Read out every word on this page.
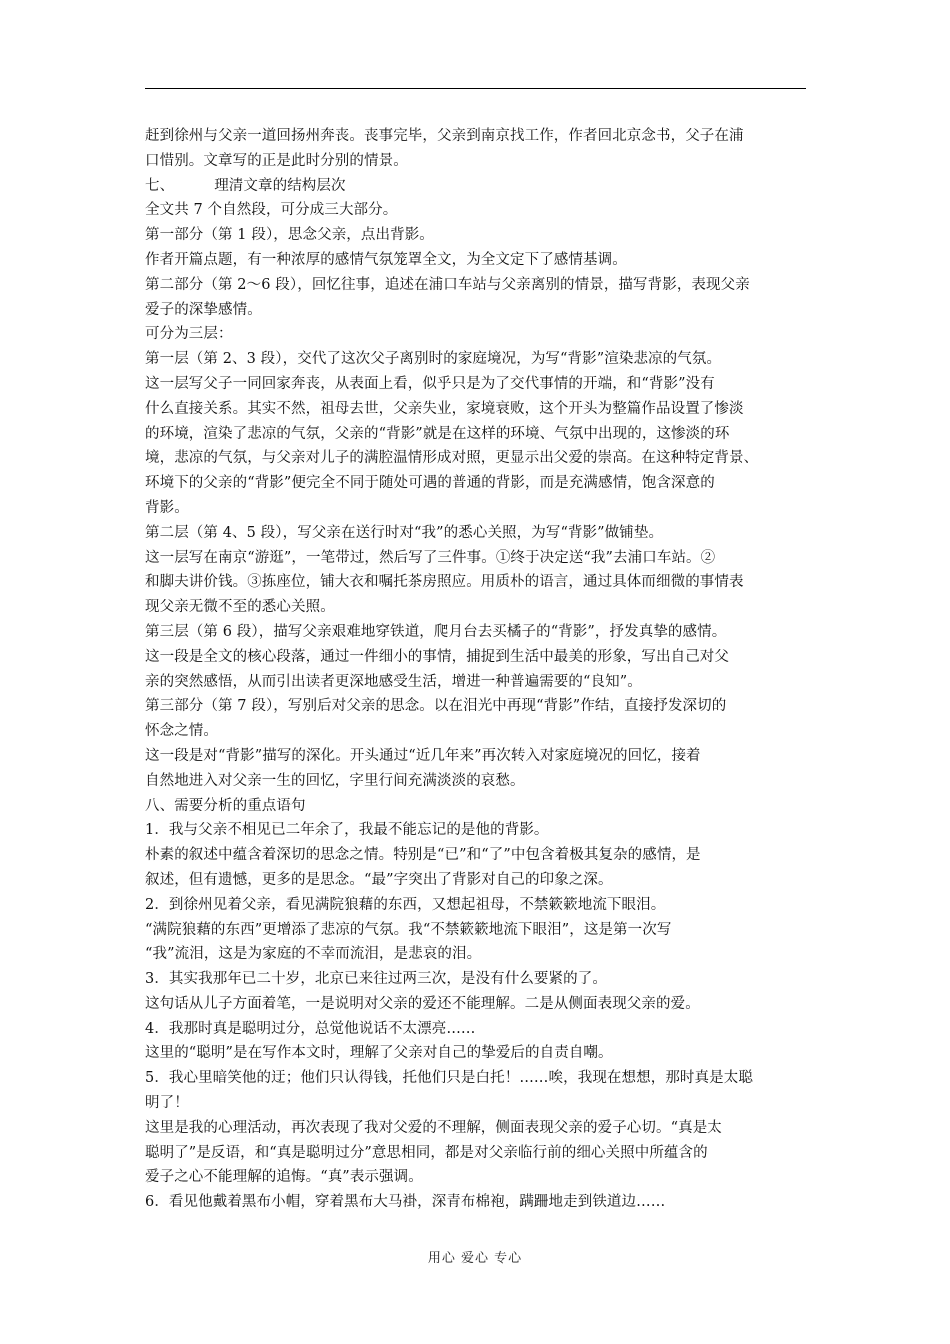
赶到徐州与父亲一道回扬州奔丧。丧事完毕，父亲到南京找工作，作者回北京念书，父子在浦
口惜别。文章写的正是此时分别的情景。
七、	理清文章的结构层次
全文共 7 个自然段，可分成三大部分。
第一部分（第 1 段），思念父亲，点出背影。
作者开篇点题，有一种浓厚的感情气氛笼罩全文，为全文定下了感情基调。
第二部分（第 2～6 段），回忆往事，追述在浦口车站与父亲离别的情景，描写背影，表现父亲
爱子的深挚感情。
可分为三层：
第一层（第 2、3 段），交代了这次父子离别时的家庭境况，为写“背影”渲染悲凉的气氛。
这一层写父子一同回家奔丧，从表面上看，似乎只是为了交代事情的开端，和“背影”没有
什么直接关系。其实不然，祖母去世，父亲失业，家境衰败，这个开头为整篇作品设置了惨淡
的环境，渲染了悲凉的气氛，父亲的“背影”就是在这样的环境、气氛中出现的，这惨淡的环
境，悲凉的气氛，与父亲对儿子的满腔温情形成对照，更显示出父爱的崇高。在这种特定背景、
环境下的父亲的“背影”便完全不同于随处可遇的普通的背影，而是充满感情，饱含深意的
背影。
第二层（第 4、5 段），写父亲在送行时对“我”的悉心关照，为写“背影”做铺垫。
这一层写在南京“游逛”，一笔带过，然后写了三件事。①终于决定送“我”去浦口车站。②
和脚夫讲价钱。③拣座位，铺大衣和嘱托茶房照应。用质朴的语言，通过具体而细微的事情表
现父亲无微不至的悉心关照。
第三层（第 6 段），描写父亲艰难地穿铁道，爬月台去买橘子的“背影”，抒发真挚的感情。
这一段是全文的核心段落，通过一件细小的事情，捕捉到生活中最美的形象，写出自己对父
亲的突然感悟，从而引出读者更深地感受生活，增进一种普遍需要的“良知”。
第三部分（第 7 段），写别后对父亲的思念。以在泪光中再现“背影”作结，直接抒发深切的
怀念之情。
这一段是对“背影”描写的深化。开头通过“近几年来”再次转入对家庭境况的回忆，接着
自然地进入对父亲一生的回忆，字里行间充满淡淡的哀愁。
八、需要分析的重点语句
1．我与父亲不相见已二年余了，我最不能忘记的是他的背影。
朴素的叙述中蕴含着深切的思念之情。特别是“已”和“了”中包含着极其复杂的感情，是
叙述，但有遗憾，更多的是思念。“最”字突出了背影对自己的印象之深。
2．到徐州见着父亲，看见满院狼藉的东西，又想起祖母，不禁簌簌地流下眼泪。
“满院狼藉的东西”更增添了悲凉的气氛。我“不禁簌簌地流下眼泪”，这是第一次写
“我”流泪，这是为家庭的不幸而流泪，是悲哀的泪。
3．其实我那年已二十岁，北京已来往过两三次，是没有什么要紧的了。
这句话从儿子方面着笔，一是说明对父亲的爱还不能理解。二是从侧面表现父亲的爱。
4．我那时真是聪明过分，总觉他说话不太漂亮……
这里的“聪明”是在写作本文时，理解了父亲对自己的挚爱后的自责自嘲。
5．我心里暗笑他的迂；他们只认得钱，托他们只是白托！……唉，我现在想想，那时真是太聪
明了！
这里是我的心理活动，再次表现了我对父爱的不理解，侧面表现父亲的爱子心切。“真是太
聪明了”是反语，和“真是聪明过分”意思相同，都是对父亲临行前的细心关照中所蕴含的
爱子之心不能理解的追悔。“真”表示强调。
6．看见他戴着黑布小帽，穿着黑布大马褂，深青布棉袍，蹒跚地走到铁道边……
用心 爱心 专心
